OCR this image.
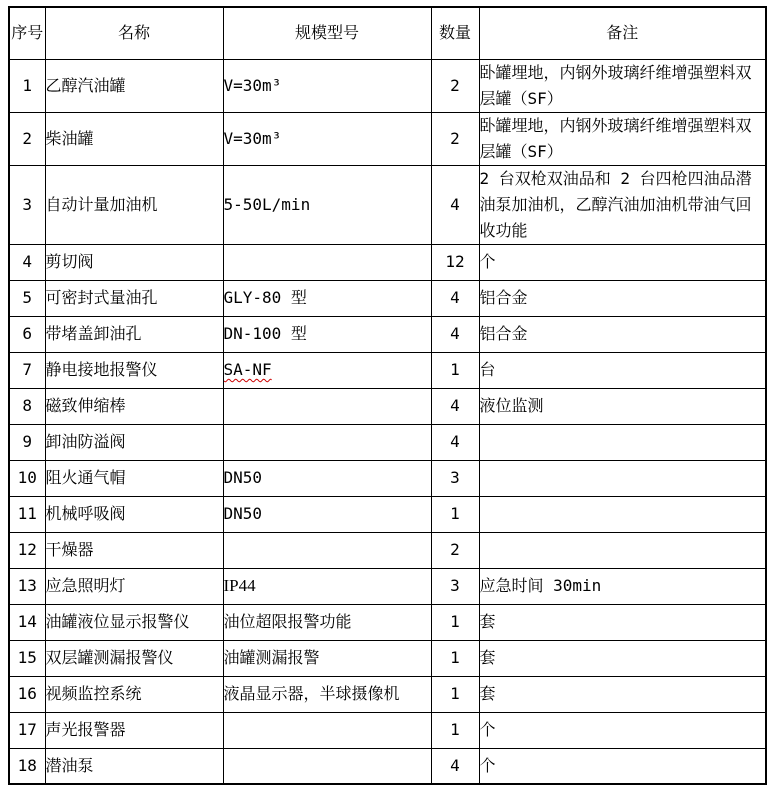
序号	名称	规模型号	数量	备注
1	乙醇汽油罐	V=30m³	2	卧罐埋地，内钢外玻璃纤维增强塑料双层罐（SF）
2	柴油罐	V=30m³	2	卧罐埋地，内钢外玻璃纤维增强塑料双层罐（SF）
3	自动计量加油机	5-50L/min	4	2 台双枪双油品和 2 台四枪四油品潜油泵加油机，乙醇汽油加油机带油气回收功能
4	剪切阀		12	个
5	可密封式量油孔	GLY-80 型	4	铝合金
6	带堵盖卸油孔	DN-100 型	4	铝合金
7	静电接地报警仪	SA-NF	1	台
8	磁致伸缩棒		4	液位监测
9	卸油防溢阀		4	
10	阻火通气帽	DN50	3	
11	机械呼吸阀	DN50	1	
12	干燥器		2	
13	应急照明灯	IP44	3	应急时间 30min
14	油罐液位显示报警仪	油位超限报警功能	1	套
15	双层罐测漏报警仪	油罐测漏报警	1	套
16	视频监控系统	液晶显示器，半球摄像机	1	套
17	声光报警器		1	个
18	潜油泵		4	个
